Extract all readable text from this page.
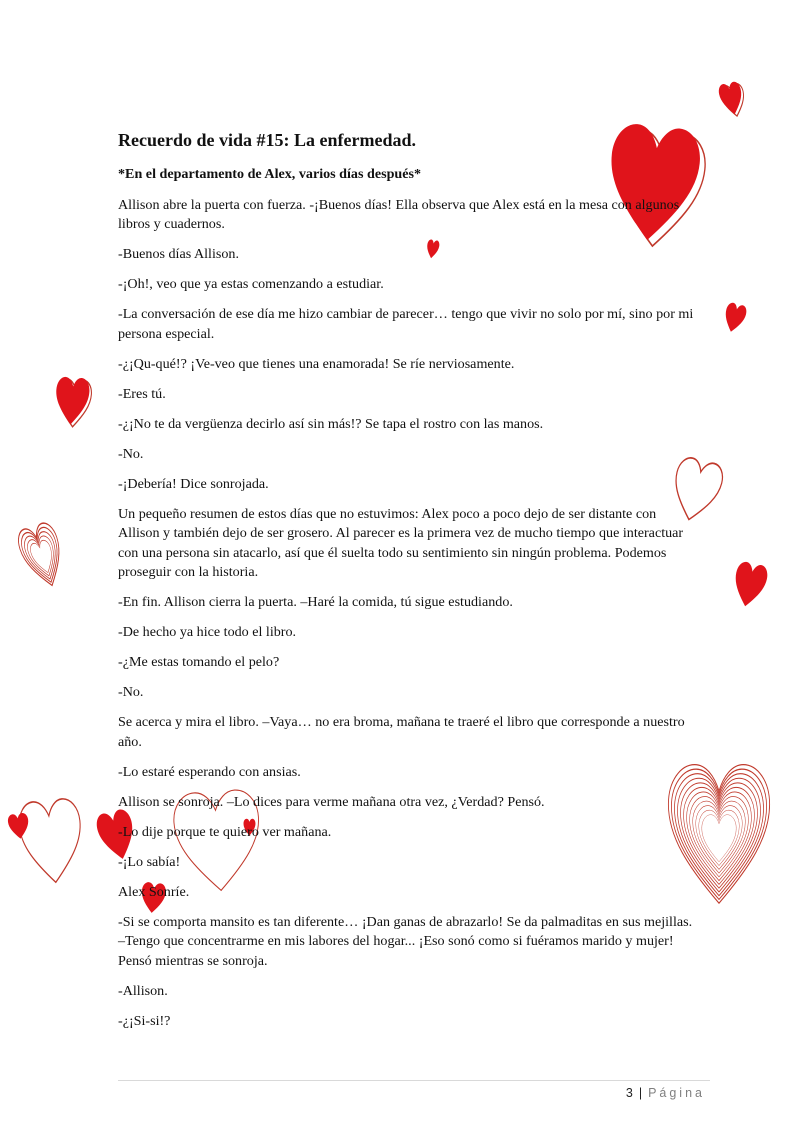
Recuerdo de vida #15: La enfermedad.
*En el departamento de Alex, varios días después*

Allison abre la puerta con fuerza. -¡Buenos días! Ella observa que Alex está en la mesa con algunos libros y cuadernos.

-Buenos días Allison.

-¡Oh!, veo que ya estas comenzando a estudiar.

-La conversación de ese día me hizo cambiar de parecer… tengo que vivir no solo por mí, sino por mi persona especial.

-¿¡Qu-qué!? ¡Ve-veo que tienes una enamorada! Se ríe nerviosamente.

-Eres tú.

-¿¡No te da vergüenza decirlo así sin más!? Se tapa el rostro con las manos.

-No.

-¡Debería! Dice sonrojada.

Un pequeño resumen de estos días que no estuvimos: Alex poco a poco dejo de ser distante con Allison y también dejo de ser grosero. Al parecer es la primera vez de mucho tiempo que interactuar con una persona sin atacarlo, así que él suelta todo su sentimiento sin ningún problema. Podemos proseguir con la historia.

-En fin. Allison cierra la puerta. –Haré la comida, tú sigue estudiando.

-De hecho ya hice todo el libro.

-¿Me estas tomando el pelo?

-No.

Se acerca y mira el libro. –Vaya… no era broma, mañana te traeré el libro que corresponde a nuestro año.

-Lo estaré esperando con ansias.

Allison se sonroja. –Lo dices para verme mañana otra vez, ¿Verdad? Pensó.

-Lo dije porque te quiero ver mañana.

-¡Lo sabía!

Alex Sonríe.

-Si se comporta mansito es tan diferente… ¡Dan ganas de abrazarlo! Se da palmaditas en sus mejillas. –Tengo que concentrarme en mis labores del hogar... ¡Eso sonó como si fuéramos marido y mujer! Pensó mientras se sonroja.

-Allison.

-¿¡Si-si!?

3 | Página
